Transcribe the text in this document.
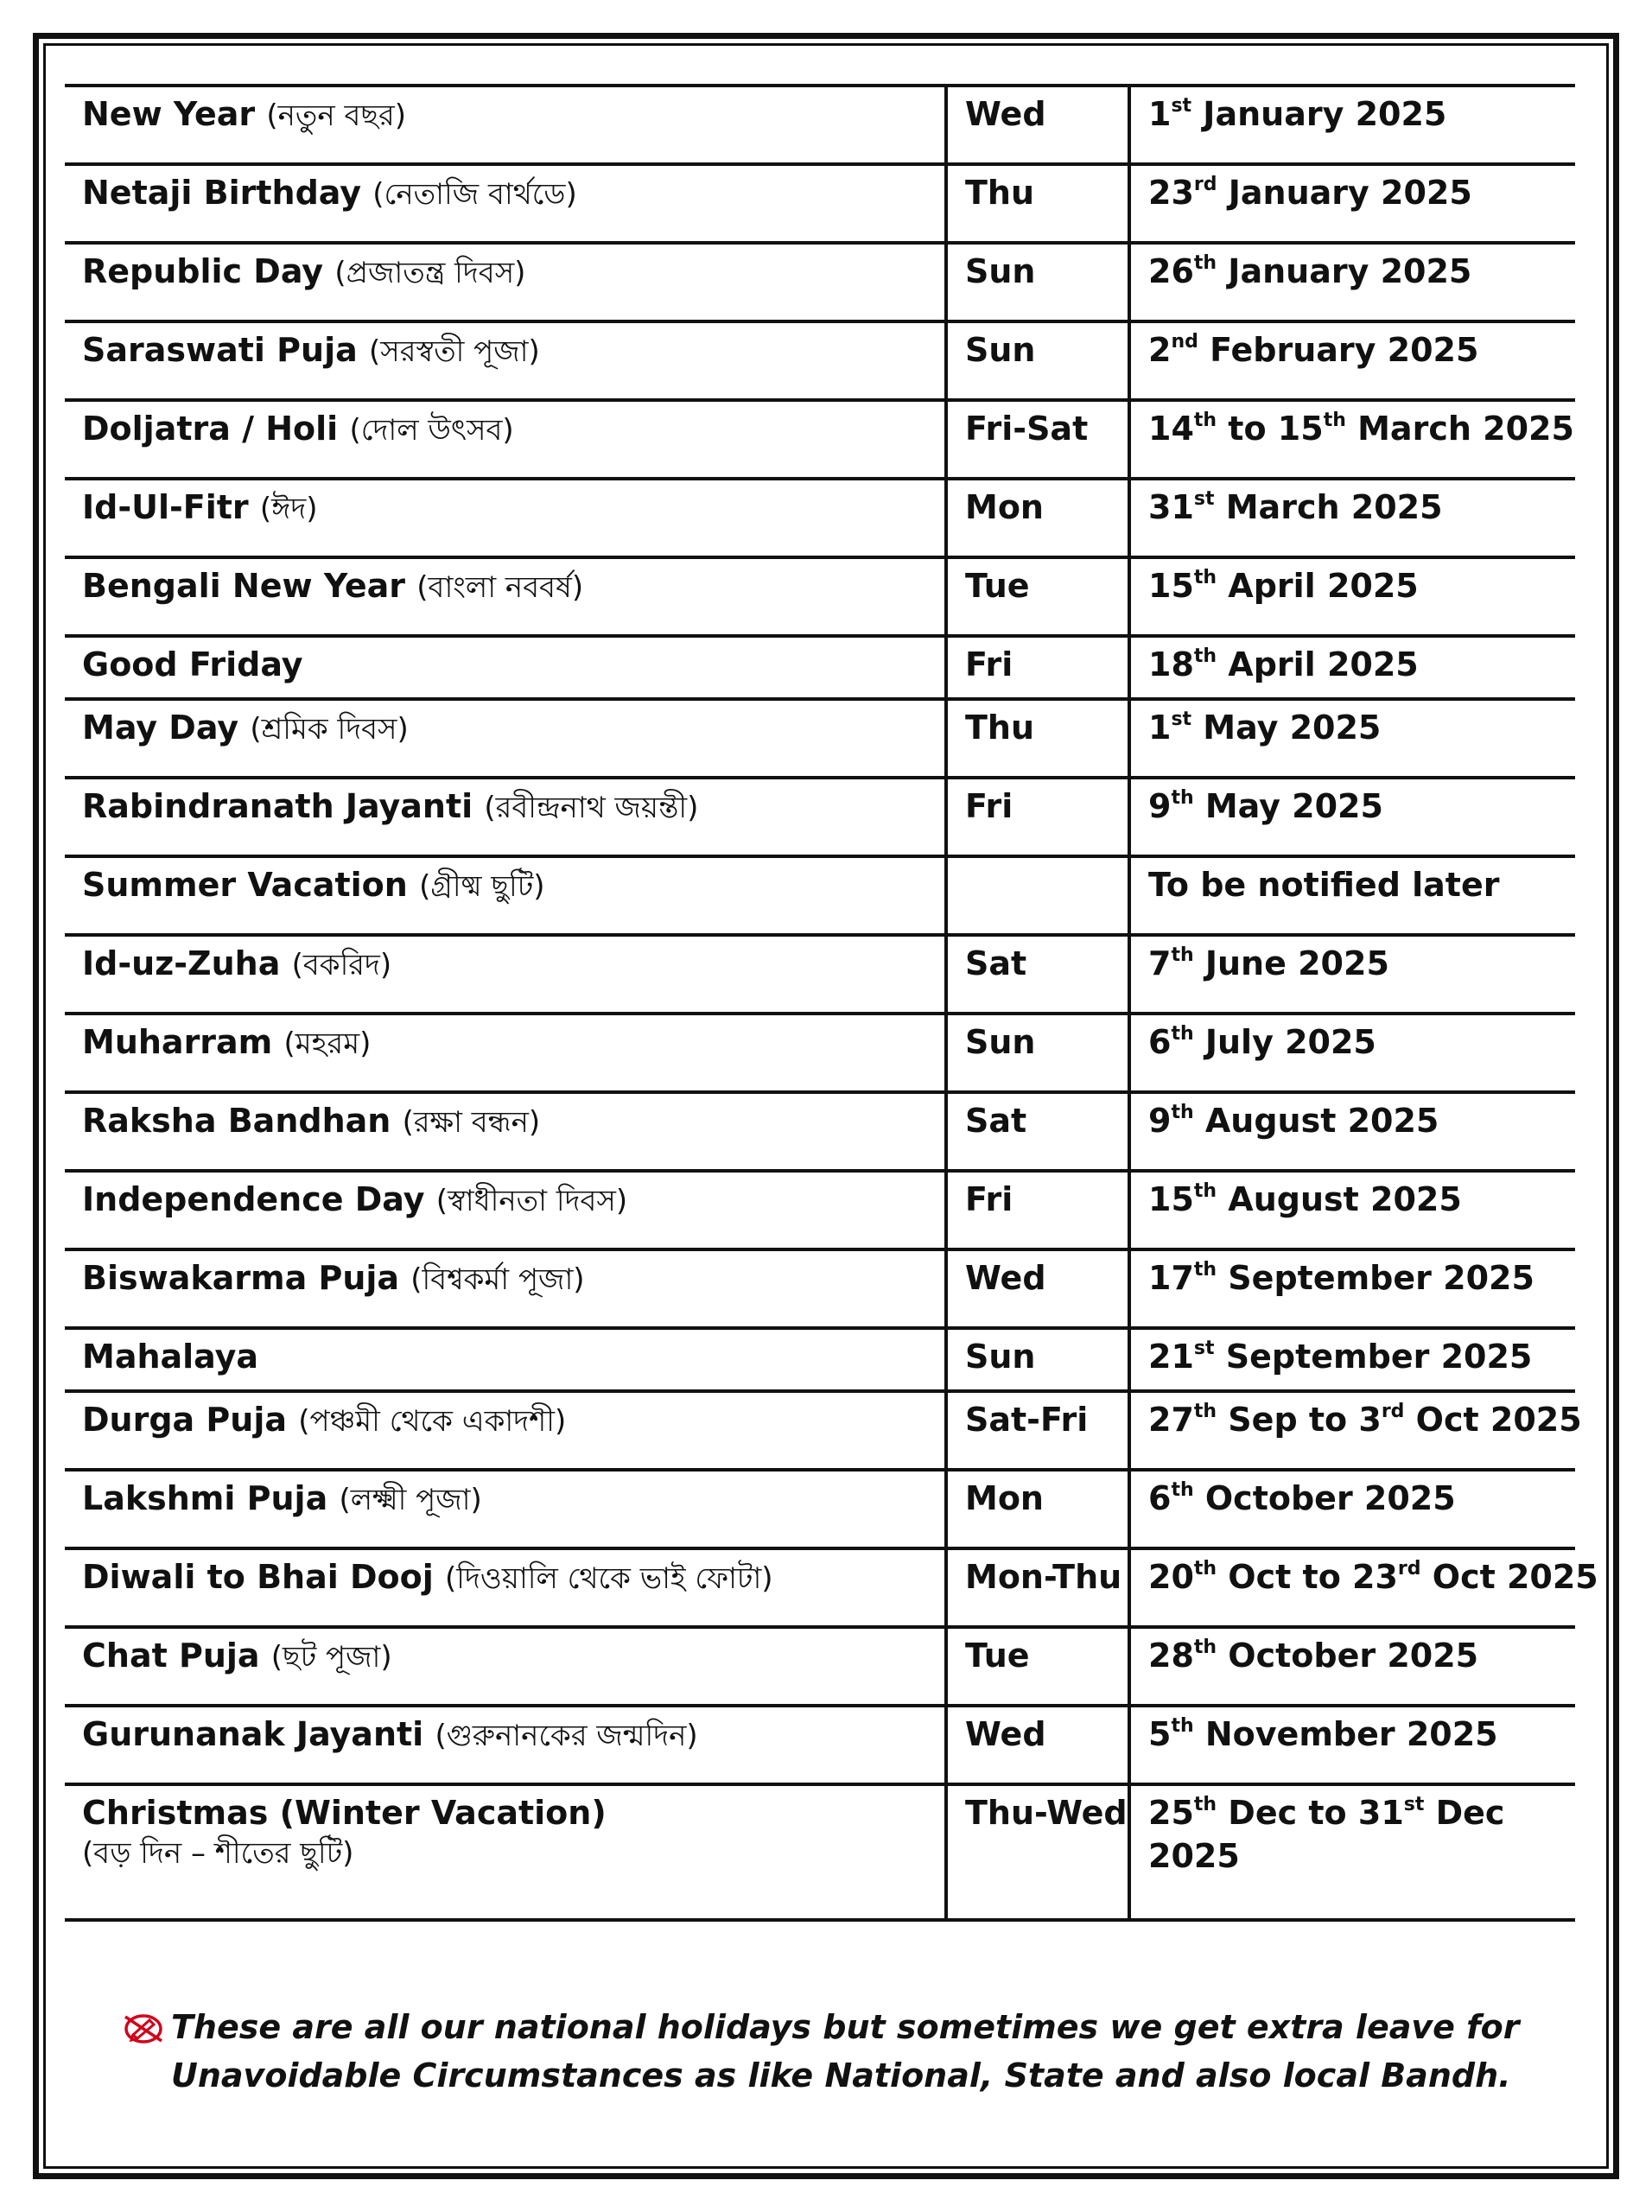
New Year (নতুন বছর)	Wed	1st January 2025
Netaji Birthday (নেতাজি বার্থডে)	Thu	23rd January 2025
Republic Day (প্রজাতন্ত্র দিবস)	Sun	26th January 2025
Saraswati Puja (সরস্বতী পূজা)	Sun	2nd February 2025
Doljatra / Holi (দোল উৎসব)	Fri-Sat	14th to 15th March 2025
Id-Ul-Fitr (ঈদ)	Mon	31st March 2025
Bengali New Year (বাংলা নববর্ষ)	Tue	15th April 2025
Good Friday	Fri	18th April 2025
May Day (শ্রমিক দিবস)	Thu	1st May 2025
Rabindranath Jayanti (রবীন্দ্রনাথ জয়ন্তী)	Fri	9th May 2025
Summer Vacation (গ্রীষ্ম ছুটি)		To be notified later
Id-uz-Zuha (বকরিদ)	Sat	7th June 2025
Muharram (মহরম)	Sun	6th July 2025
Raksha Bandhan (রক্ষা বন্ধন)	Sat	9th August 2025
Independence Day (স্বাধীনতা দিবস)	Fri	15th August 2025
Biswakarma Puja (বিশ্বকর্মা পূজা)	Wed	17th September 2025
Mahalaya	Sun	21st September 2025
Durga Puja (পঞ্চমী থেকে একাদশী)	Sat-Fri	27th Sep to 3rd Oct 2025
Lakshmi Puja (লক্ষ্মী পূজা)	Mon	6th October 2025
Diwali to Bhai Dooj (দিওয়ালি থেকে ভাই ফোটা)	Mon-Thu	20th Oct to 23rd Oct 2025
Chat Puja (ছট পূজা)	Tue	28th October 2025
Gurunanak Jayanti (গুরুনানকের জন্মদিন)	Wed	5th November 2025
Christmas (Winter Vacation)
(বড় দিন – শীতের ছুটি)	Thu-Wed	25th Dec to 31st Dec 2025
These are all our national holidays but sometimes we get extra leave for Unavoidable Circumstances as like National, State and also local Bandh.
